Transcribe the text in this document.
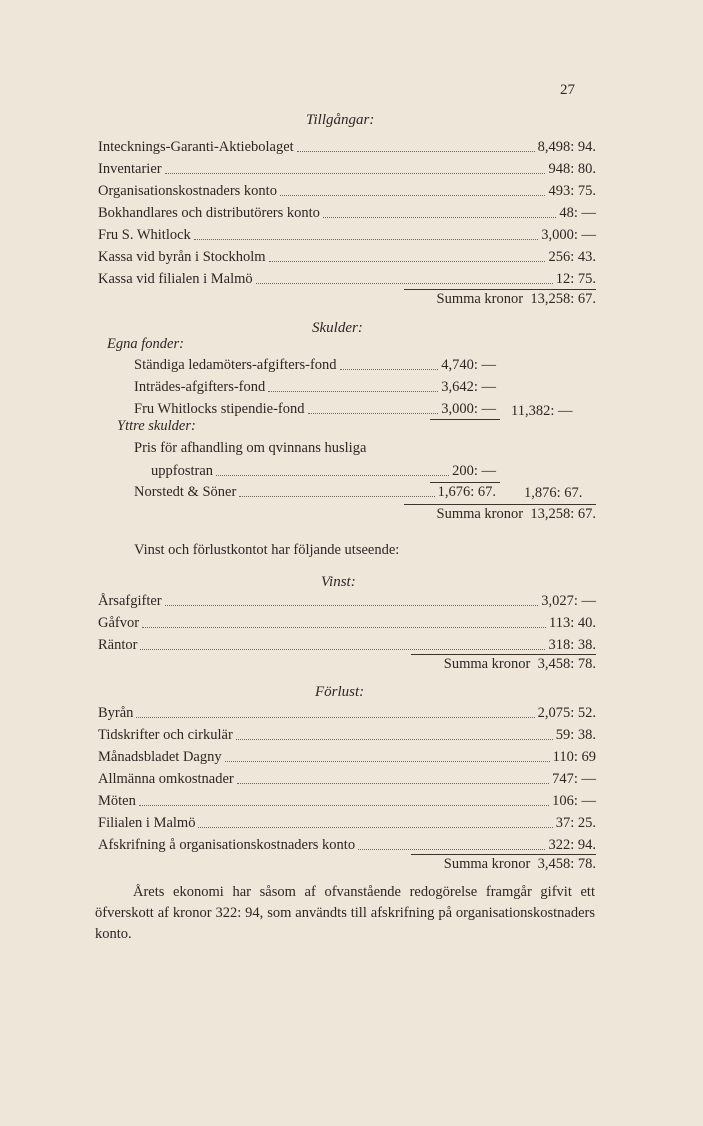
27
Tillgångar:
Intecknings-Garanti-Aktiebolaget	8,498: 94.
Inventarier	948: 80.
Organisationskostnaders konto	493: 75.
Bokhandlares och distributörers konto	48: —
Fru S. Whitlock	3,000: —
Kassa vid byrån i Stockholm	256: 43.
Kassa vid filialen i Malmö	12: 75.
Summa kronor 13,258: 67.
Skulder:
Egna fonder:
Ständiga ledamöters-afgifters-fond	4,740: —
Inträdes-afgifters-fond	3,642: —
Fru Whitlocks stipendie-fond	3,000: — 11,382: —
Yttre skulder:
Pris för afhandling om qvinnans husliga
uppfostran	200: —
Norstedt & Söner	1,676: 67. 1,876: 67.
Summa kronor 13,258: 67.
Vinst och förlustkontot har följande utseende:
Vinst:
Årsafgifter	3,027: —
Gåfvor	113: 40.
Räntor	318: 38.
Summa kronor 3,458: 78.
Förlust:
Byrån	2,075: 52.
Tidskrifter och cirkulär	59: 38.
Månadsbladet Dagny	110: 69
Allmänna omkostnader	747: —
Möten	106: —
Filialen i Malmö	37: 25.
Afskrifning å organisationskostnaders konto	322: 94.
Summa kronor 3,458: 78.
Årets ekonomi har såsom af ofvanstående redogörelse framgår gifvit ett öfverskott af kronor 322: 94, som användts till afskrifning på organisationskostnaders konto.
